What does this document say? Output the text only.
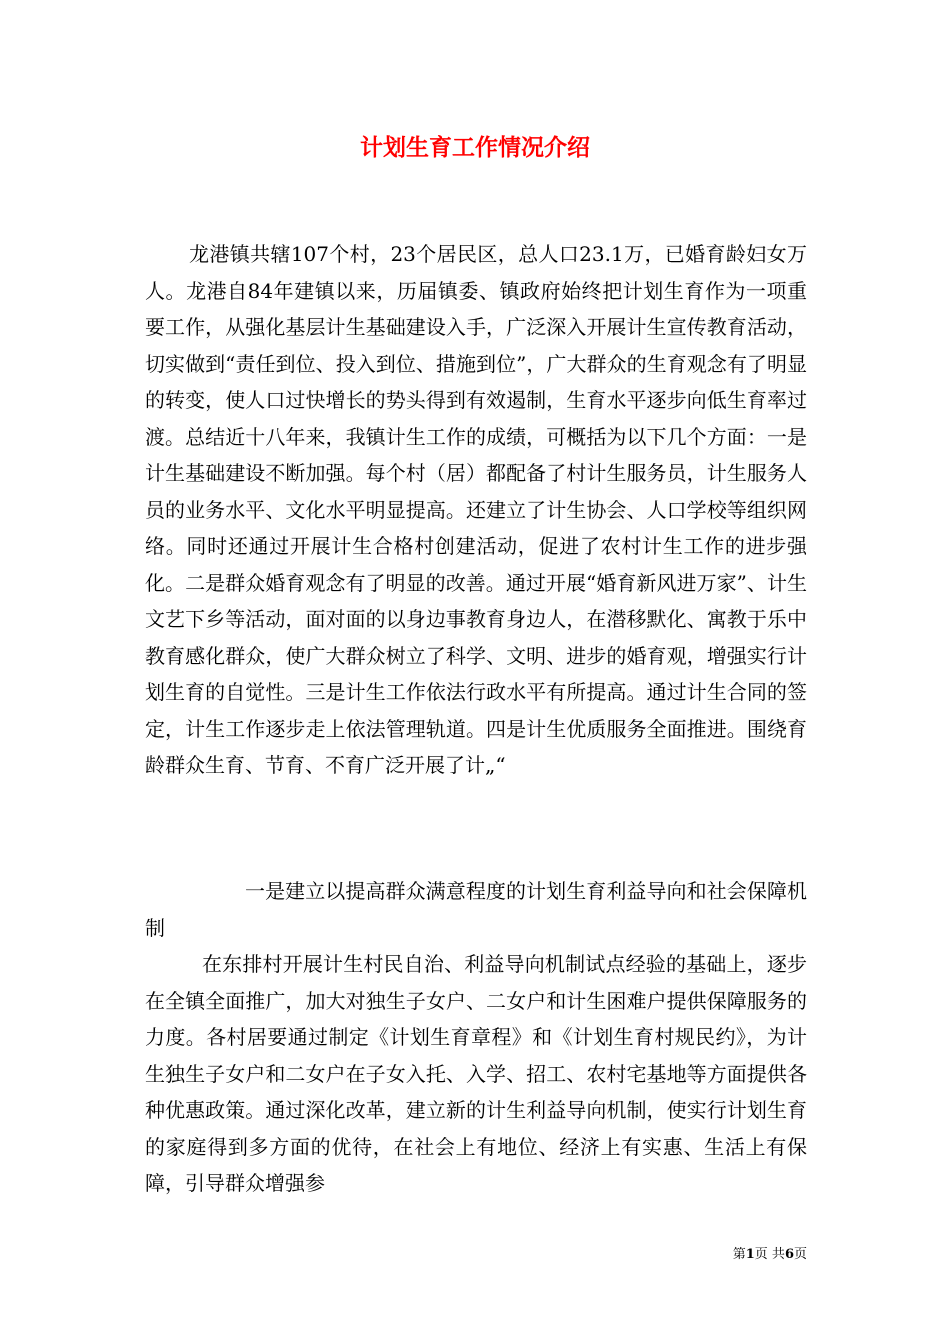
计划生育工作情况介绍

龙港镇共辖107个村，23个居民区，总人口23.1万，已婚育龄妇女万人。龙港自84年建镇以来，历届镇委、镇政府始终把计划生育作为一项重要工作，从强化基层计生基础建设入手，广泛深入开展计生宣传教育活动，切实做到“责任到位、投入到位、措施到位”，广大群众的生育观念有了明显的转变，使人口过快增长的势头得到有效遏制，生育水平逐步向低生育率过渡。总结近十八年来，我镇计生工作的成绩，可概括为以下几个方面：一是计生基础建设不断加强。每个村（居）都配备了村计生服务员，计生服务人员的业务水平、文化水平明显提高。还建立了计生协会、人口学校等组织网络。同时还通过开展计生合格村创建活动，促进了农村计生工作的进步强化。二是群众婚育观念有了明显的改善。通过开展“婚育新风进万家”、计生文艺下乡等活动，面对面的以身边事教育身边人，在潜移默化、寓教于乐中教育感化群众，使广大群众树立了科学、文明、进步的婚育观，增强实行计划生育的自觉性。三是计生工作依法行政水平有所提高。通过计生合同的签定，计生工作逐步走上依法管理轨道。四是计生优质服务全面推进。围绕育龄群众生育、节育、不育广泛开展了计„“

一是建立以提高群众满意程度的计划生育利益导向和社会保障机制

在东排村开展计生村民自治、利益导向机制试点经验的基础上，逐步在全镇全面推广，加大对独生子女户、二女户和计生困难户提供保障服务的力度。各村居要通过制定《计划生育章程》和《计划生育村规民约》，为计生独生子女户和二女户在子女入托、入学、招工、农村宅基地等方面提供各种优惠政策。通过深化改革，建立新的计生利益导向机制，使实行计划生育的家庭得到多方面的优待，在社会上有地位、经济上有实惠、生活上有保障，引导群众增强参

第1页 共6页
